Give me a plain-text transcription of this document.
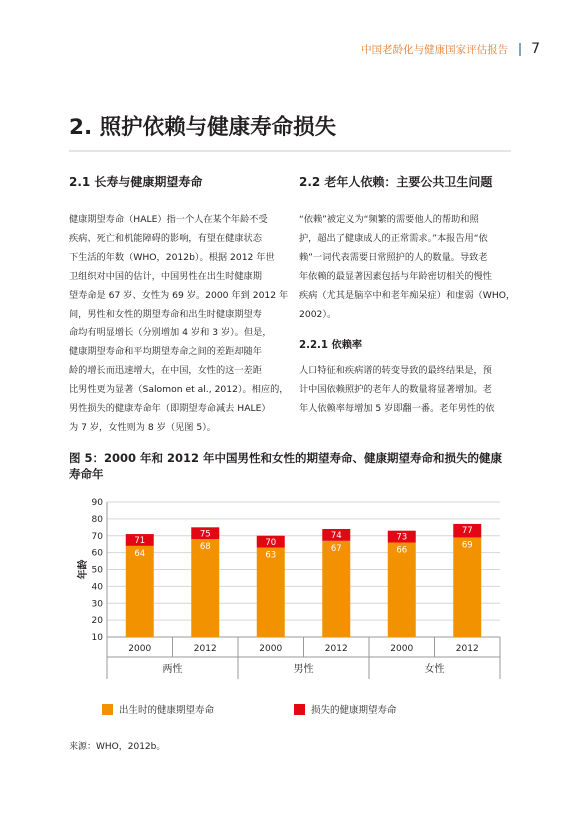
中国老龄化与健康国家评估报告 7
2. 照护依赖与健康寿命损失

2.1 长寿与健康期望寿命

健康期望寿命（HALE）指一个人在某个年龄不受
疾病、死亡和机能障碍的影响，有望在健康状态
下生活的年数（WHO，2012b）。根据 2012 年世
卫组织对中国的估计，中国男性在出生时健康期
望寿命是 67 岁、女性为 69 岁。2000 年到 2012 年
间，男性和女性的期望寿命和出生时健康期望寿
命均有明显增长（分别增加 4 岁和 3 岁）。但是，
健康期望寿命和平均期望寿命之间的差距却随年
龄的增长而迅速增大，在中国，女性的这一差距
比男性更为显著（Salomon et al., 2012）。相应的，
男性损失的健康寿命年（即期望寿命减去 HALE）
为 7 岁，女性则为 8 岁（见图 5）。

2.2 老年人依赖：主要公共卫生问题

“依赖”被定义为“频繁的需要他人的帮助和照
护，超出了健康成人的正常需求。”本报告用“依
赖”一词代表需要日常照护的人的数量。导致老
年依赖的最显著因素包括与年龄密切相关的慢性
疾病（尤其是脑卒中和老年痴呆症）和虚弱（WHO，
2002）。

2.2.1 依赖率

人口特征和疾病谱的转变导致的最终结果是，预
计中国依赖照护的老年人的数量将显著增加。老
年人依赖率每增加 5 岁即翻一番。老年男性的依

图 5：2000 年和 2012 年中国男性和女性的期望寿命、健康期望寿命和损失的健康寿命年
10
20
30
40
50
60
70
80
90
年龄
71
64
2000
75
68
2012
70
63
2000
74
67
2012
73
66
2000
77
69
2012
两性	男性	女性
出生时的健康期望寿命	损失的健康期望寿命
来源：WHO，2012b。
